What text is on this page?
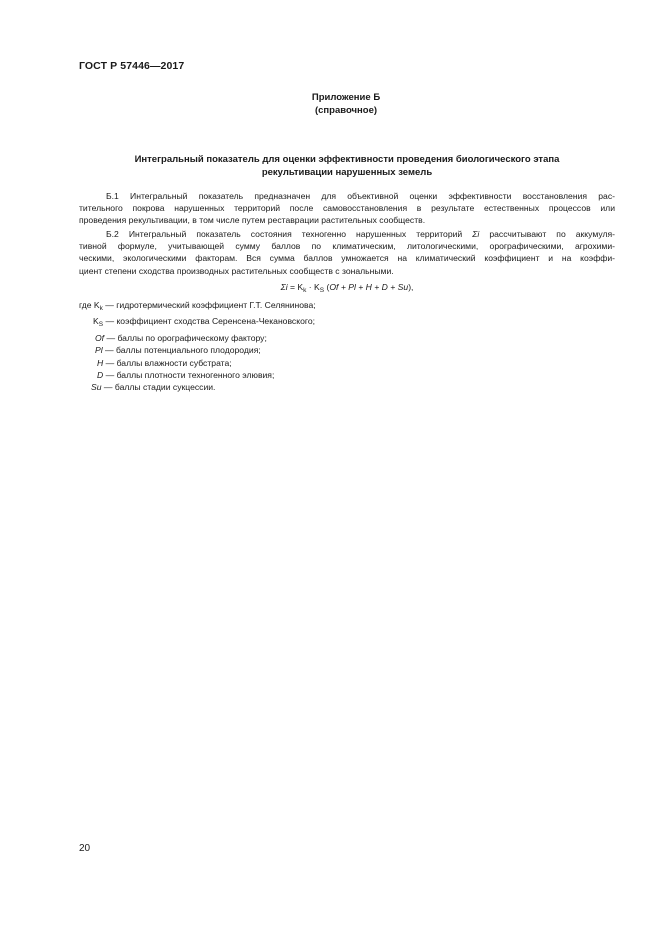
ГОСТ Р 57446—2017
Приложение Б
(справочное)
Интегральный показатель для оценки эффективности проведения биологического этапа
рекультивации нарушенных земель
Б.1 Интегральный показатель предназначен для объективной оценки эффективности восстановления рас-
тительного покрова нарушенных территорий после самовосстановления в результате естественных процессов или
проведения рекультивации, в том числе путем реставрации растительных сообществ.
Б.2 Интегральный показатель состояния техногенно нарушенных территорий Σi рассчитывают по аккумуля-
тивной формуле, учитывающей сумму баллов по климатическим, литологическими, орографическими, агрохими-
ческими, экологическими факторам. Вся сумма баллов умножается на климатический коэффициент и на коэффи-
циент степени сходства производных растительных сообществ с зональными.
$\Sigma i = K_k \cdot K_S$ (Of + Pl + H + D + Su),
где $K_k$ — гидротермический коэффициент Г.Т. Селянинова;
$K_S$ — коэффициент сходства Серенсена-Чекановского;
Of — баллы по орографическому фактору;
Pl — баллы потенциального плодородия;
H — баллы влажности субстрата;
D — баллы плотности техногенного элювия;
Su — баллы стадии сукцессии.
20
